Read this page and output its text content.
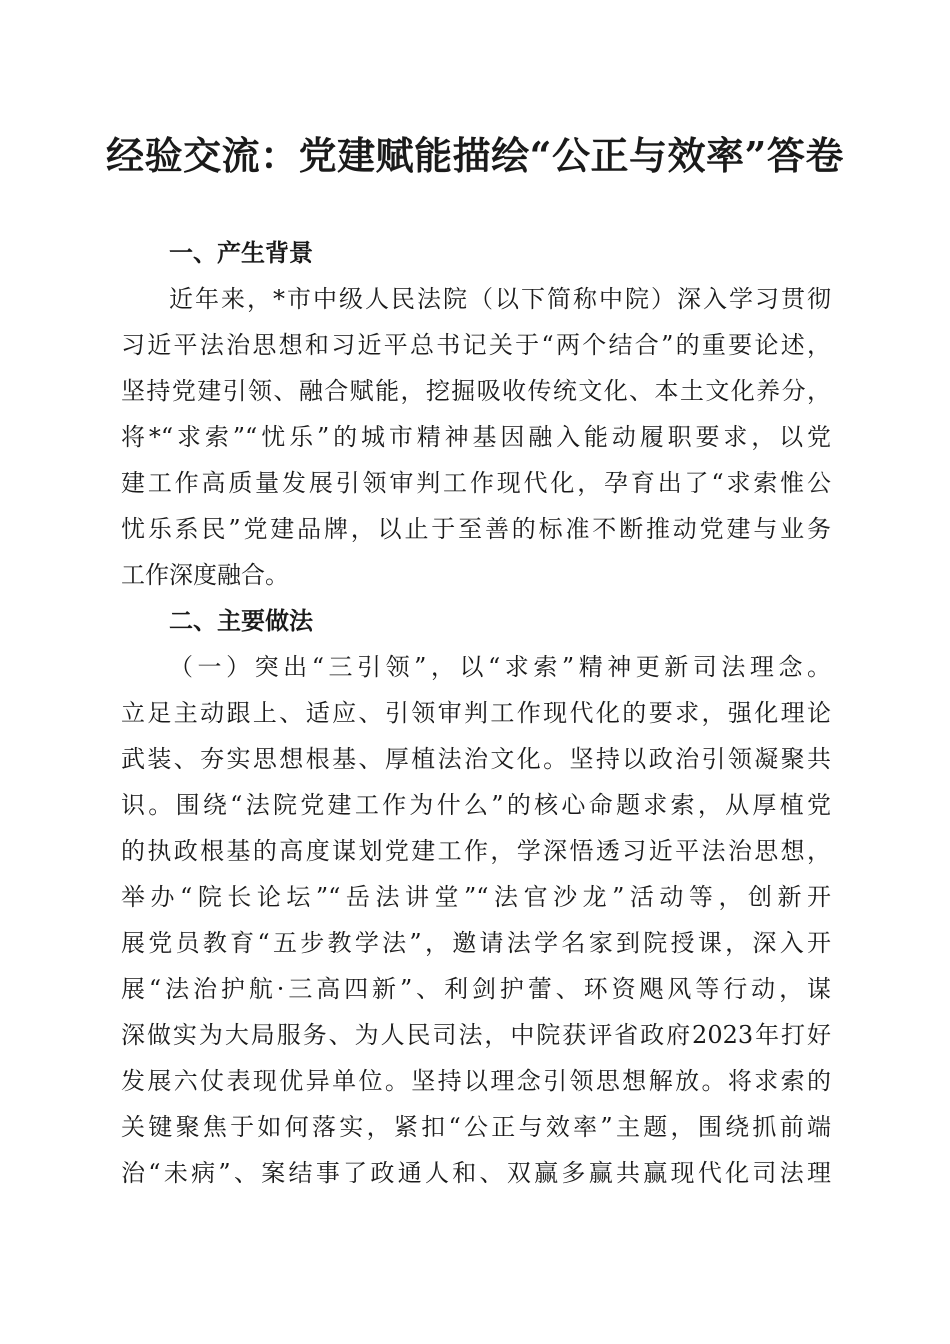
经验交流：党建赋能描绘“公正与效率”答卷
一、产生背景
近年来，*市中级人民法院（以下简称中院）深入学习贯彻
习近平法治思想和习近平总书记关于“两个结合”的重要论述，
坚持党建引领、融合赋能，挖掘吸收传统文化、本土文化养分，
将*“求索”“忧乐”的城市精神基因融入能动履职要求，以党
建工作高质量发展引领审判工作现代化，孕育出了“求索惟公
忧乐系民”党建品牌，以止于至善的标准不断推动党建与业务
工作深度融合。
二、主要做法
（一）突出“三引领”，以“求索”精神更新司法理念。
立足主动跟上、适应、引领审判工作现代化的要求，强化理论
武装、夯实思想根基、厚植法治文化。坚持以政治引领凝聚共
识。围绕“法院党建工作为什么”的核心命题求索，从厚植党
的执政根基的高度谋划党建工作，学深悟透习近平法治思想，
举办“院长论坛”“岳法讲堂”“法官沙龙”活动等，创新开
展党员教育“五步教学法”，邀请法学名家到院授课，深入开
展“法治护航·三高四新”、利剑护蕾、环资飓风等行动，谋
深做实为大局服务、为人民司法，中院获评省政府2023年打好
发展六仗表现优异单位。坚持以理念引领思想解放。将求索的
关键聚焦于如何落实，紧扣“公正与效率”主题，围绕抓前端
治“未病”、案结事了政通人和、双赢多赢共赢现代化司法理
